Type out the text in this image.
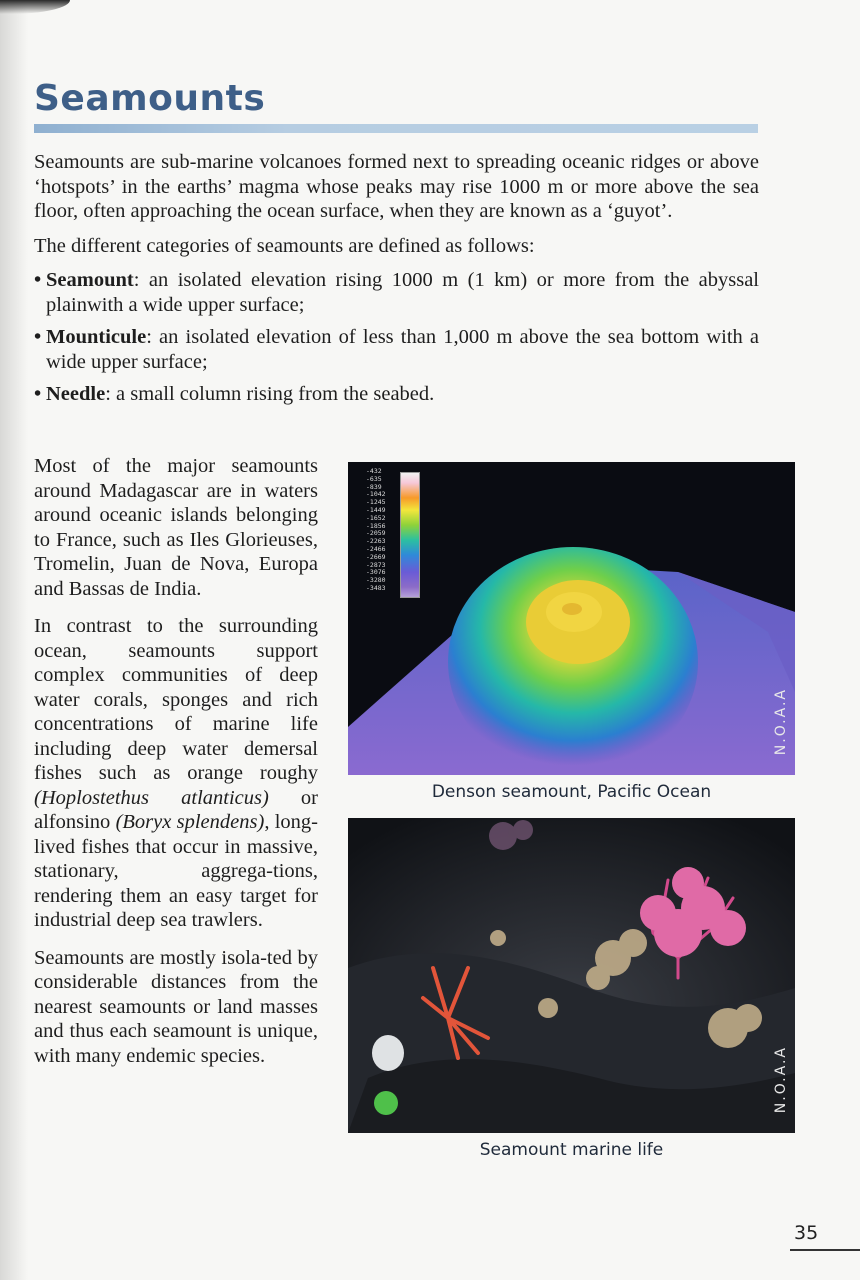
Seamounts

Seamounts are sub-marine volcanoes formed next to spreading oceanic ridges or above ‘hotspots’ in the earths’ magma whose peaks may rise 1000 m or more above the sea floor, often approaching the ocean surface, when they are known as a ‘guyot’.

The different categories of seamounts are defined as follows:

• Seamount: an isolated elevation rising 1000 m (1 km) or more from the abyssal plainwith a wide upper surface;
• Mounticule: an isolated elevation of less than 1,000 m above the sea bottom with a wide upper surface;
• Needle: a small column rising from the seabed.

Most of the major seamounts around Madagascar are in waters around oceanic islands belonging to France, such as Iles Glorieuses, Tromelin, Juan de Nova, Europa and Bassas de India.

In contrast to the surrounding ocean, seamounts support complex communities of deep water corals, sponges and rich concentrations of marine life including deep water demersal fishes such as orange roughy (Hoplostethus atlanticus) or alfonsino (Boryx splendens), long-lived fishes that occur in massive, stationary, aggrega-tions, rendering them an easy target for industrial deep sea trawlers.

Seamounts are mostly isola-ted by considerable distances from the nearest seamounts or land masses and thus each seamount is unique, with many endemic species.

-432
-635
-839
-1042
-1245
-1449
-1652
-1856
-2059
-2263
-2466
-2669
-2873
-3076
-3280
-3483
N.O.A.A
Denson seamount, Pacific Ocean
N.O.A.A
Seamount marine life
35
